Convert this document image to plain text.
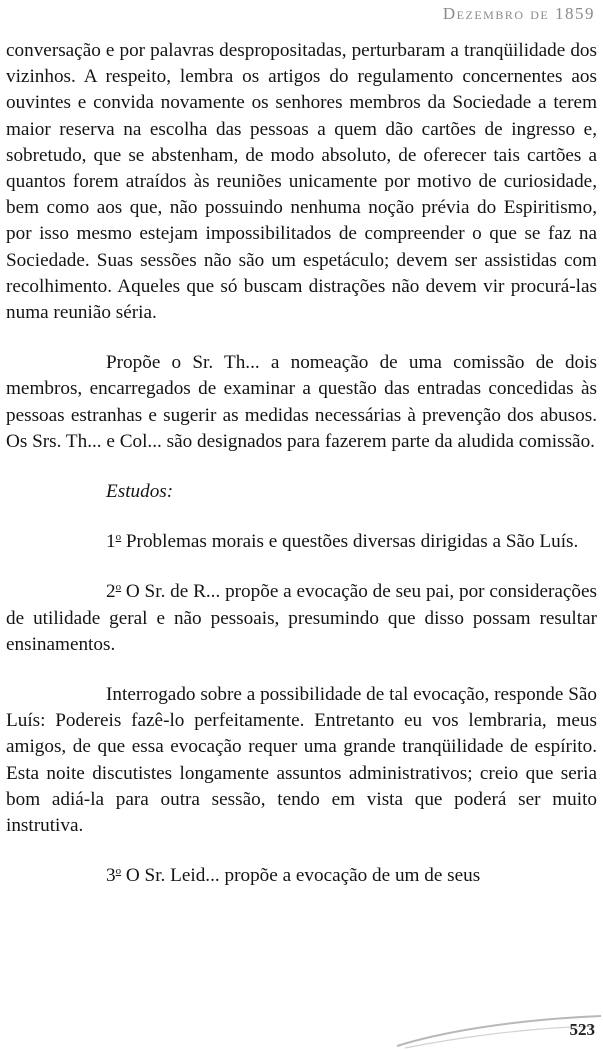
Dezembro de 1859

conversação e por palavras despropositadas, perturbaram a tranqüilidade dos vizinhos. A respeito, lembra os artigos do regulamento concernentes aos ouvintes e convida novamente os senhores membros da Sociedade a terem maior reserva na escolha das pessoas a quem dão cartões de ingresso e, sobretudo, que se abstenham, de modo absoluto, de oferecer tais cartões a quantos forem atraídos às reuniões unicamente por motivo de curiosidade, bem como aos que, não possuindo nenhuma noção prévia do Espiritismo, por isso mesmo estejam impossibilitados de compreender o que se faz na Sociedade. Suas sessões não são um espetáculo; devem ser assistidas com recolhimento. Aqueles que só buscam distrações não devem vir procurá-las numa reunião séria.

Propõe o Sr. Th... a nomeação de uma comissão de dois membros, encarregados de examinar a questão das entradas concedidas às pessoas estranhas e sugerir as medidas necessárias à prevenção dos abusos. Os Srs. Th... e Col... são designados para fazerem parte da aludida comissão.

Estudos:

1$^o$ Problemas morais e questões diversas dirigidas a São Luís.

2$^o$ O Sr. de R... propõe a evocação de seu pai, por considerações de utilidade geral e não pessoais, presumindo que disso possam resultar ensinamentos.

Interrogado sobre a possibilidade de tal evocação, responde São Luís: Podereis fazê-lo perfeitamente. Entretanto eu vos lembraria, meus amigos, de que essa evocação requer uma grande tranqüilidade de espírito. Esta noite discutistes longamente assuntos administrativos; creio que seria bom adiá-la para outra sessão, tendo em vista que poderá ser muito instrutiva.

3$^o$ O Sr. Leid... propõe a evocação de um de seus

523
